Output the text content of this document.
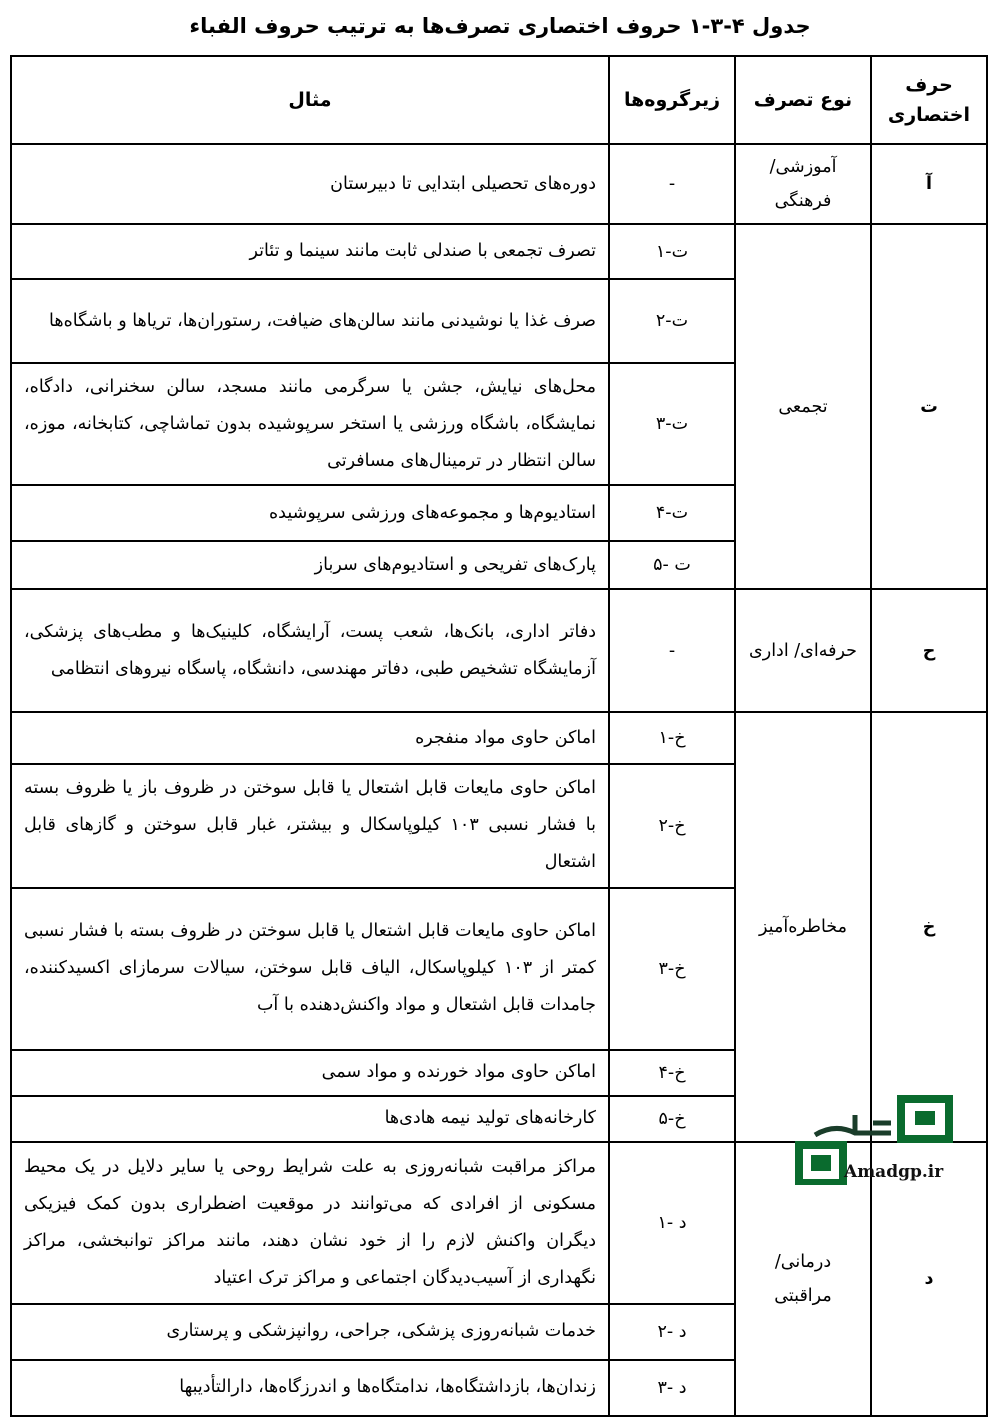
جدول ۴-۳-۱ حروف اختصاری تصرف‌ها به ترتیب حروف الفباء
حرف اختصاری	نوع تصرف	زیرگروه‌ها	مثال
آ	آموزشی/ فرهنگی	-	دوره‌های تحصیلی ابتدایی تا دبیرستان
ت	تجمعی	ت-۱	تصرف تجمعی با صندلی ثابت مانند سینما و تئاتر
		ت-۲	صرف غذا یا نوشیدنی مانند سالن‌های ضیافت، رستوران‌ها، تریاها و باشگاه‌ها
		ت-۳	محل‌های نیایش، جشن یا سرگرمی مانند مسجد، سالن سخنرانی، دادگاه، نمایشگاه، باشگاه ورزشی یا استخر سرپوشیده بدون تماشاچی، کتابخانه، موزه، سالن انتظار در ترمینال‌های مسافرتی
		ت-۴	استادیوم‌ها و مجموعه‌های ورزشی سرپوشیده
		ت -۵	پارک‌های تفریحی و استادیوم‌های سرباز
ح	حرفه‌ای/ اداری	-	دفاتر اداری، بانک‌ها، شعب پست، آرایشگاه، کلینیک‌ها و مطب‌های پزشکی، آزمایشگاه تشخیص طبی، دفاتر مهندسی، دانشگاه، پاسگاه نیروهای انتظامی
خ	مخاطره‌آمیز	خ-۱	اماکن حاوی مواد منفجره
		خ-۲	اماکن حاوی مایعات قابل اشتعال یا قابل سوختن در ظروف باز یا ظروف بسته با فشار نسبی ۱۰۳ کیلوپاسکال و بیشتر، غبار قابل سوختن و گازهای قابل اشتعال
		خ-۳	اماکن حاوی مایعات قابل اشتعال یا قابل سوختن در ظروف بسته با فشار نسبی کمتر از ۱۰۳ کیلوپاسکال، الیاف قابل سوختن، سیالات سرمازای اکسیدکننده، جامدات قابل اشتعال و مواد واکنش‌دهنده با آب
		خ-۴	اماکن حاوی مواد خورنده و مواد سمی
		خ-۵	کارخانه‌های تولید نیمه هادی‌ها
د	درمانی/ مراقبتی	د -۱	مراکز مراقبت شبانه‌روزی به علت شرایط روحی یا سایر دلایل در یک محیط مسکونی از افرادی که می‌توانند در موقعیت اضطراری بدون کمک فیزیکی دیگران واکنش لازم را از خود نشان دهند، مانند مراکز توانبخشی، مراکز نگهداری از آسیب‌دیدگان اجتماعی و مراکز ترک اعتیاد
		د -۲	خدمات شبانه‌روزی پزشکی، جراحی، روانپزشکی و پرستاری
		د -۳	زندان‌ها، بازداشتگاه‌ها، ندامتگاه‌ها و اندرزگاه‌ها، دارالتأدیبها
Amadgp.ir
